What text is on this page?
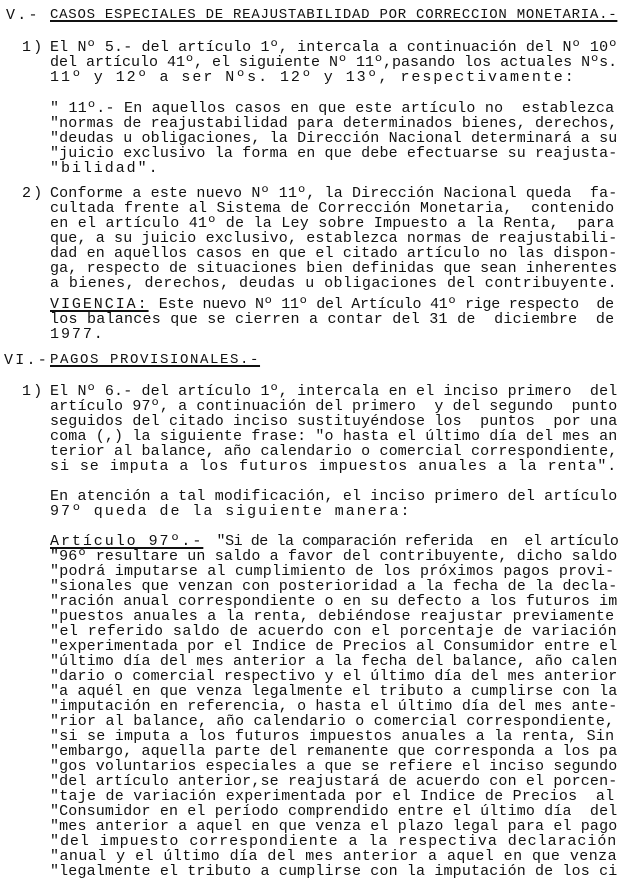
V.- CASOS ESPECIALES DE REAJUSTABILIDAD POR CORRECCION MONETARIA.-
1) El Nº 5.- del artículo 1º, intercala a continuación del Nº 10º
del artículo 41º, el siguiente Nº 11º,pasando los actuales Nºs.
11º y 12º a ser Nºs. 12º y 13º, respectivamente:
" 11º.- En aquellos casos en que este artículo no  establezca
"normas de reajustabilidad para determinados bienes, derechos,
"deudas u obligaciones, la Dirección Nacional determinará a su
"juicio exclusivo la forma en que debe efectuarse su reajusta-
"bilidad".
2) Conforme a este nuevo Nº 11º, la Dirección Nacional queda  fa-
cultada frente al Sistema de Corrección Monetaria,  contenido
en el artículo 41º de la Ley sobre Impuesto a la Renta,  para
que, a su juicio exclusivo, establezca normas de reajustabili-
dad en aquellos casos en que el citado artículo no las dispon-
ga, respecto de situaciones bien definidas que sean inherentes
a bienes, derechos, deudas u obligaciones del contribuyente.
VIGENCIA: Este nuevo Nº 11º del Artículo 41º rige respecto  de
los balances que se cierren a contar del 31 de  diciembre  de
1977.
VI.- PAGOS PROVISIONALES.-
1) El Nº 6.- del artículo 1º, intercala en el inciso primero  del
artículo 97º, a continuación del primero  y del segundo  punto
seguidos del citado inciso sustituyéndose los  puntos  por una
coma (,) la siguiente frase: "o hasta el último día del mes an
terior al balance, año calendario o comercial correspondiente,
si se imputa a los futuros impuestos anuales a la renta".
En atención a tal modificación, el inciso primero del artículo
97º queda de la siguiente manera:
Artículo 97º.- "Si de la comparación referida  en  el artículo
"96º resultare un saldo a favor del contribuyente, dicho saldo
"podrá imputarse al cumplimiento de los próximos pagos provi-
"sionales que venzan con posterioridad a la fecha de la decla-
"ración anual correspondiente o en su defecto a los futuros im
"puestos anuales a la renta, debiéndose reajustar previamente
"el referido saldo de acuerdo con el porcentaje de variación
"experimentada por el Indice de Precios al Consumidor entre el
"último día del mes anterior a la fecha del balance, año calen
"dario o comercial respectivo y el último día del mes anterior
"a aquél en que venza legalmente el tributo a cumplirse con la
"imputación en referencia, o hasta el último día del mes ante-
"rior al balance, año calendario o comercial correspondiente,
"si se imputa a los futuros impuestos anuales a la renta, Sin
"embargo, aquella parte del remanente que corresponda a los pa
"gos voluntarios especiales a que se refiere el inciso segundo
"del artículo anterior,se reajustará de acuerdo con el porcen-
"taje de variación experimentada por el Indice de Precios  al
"Consumidor en el período comprendido entre el último día  del
"mes anterior a aquel en que venza el plazo legal para el pago
"del impuesto correspondiente a la respectiva declaración
"anual y el último día del mes anterior a aquel en que venza
"legalmente el tributo a cumplirse con la imputación de los ci
